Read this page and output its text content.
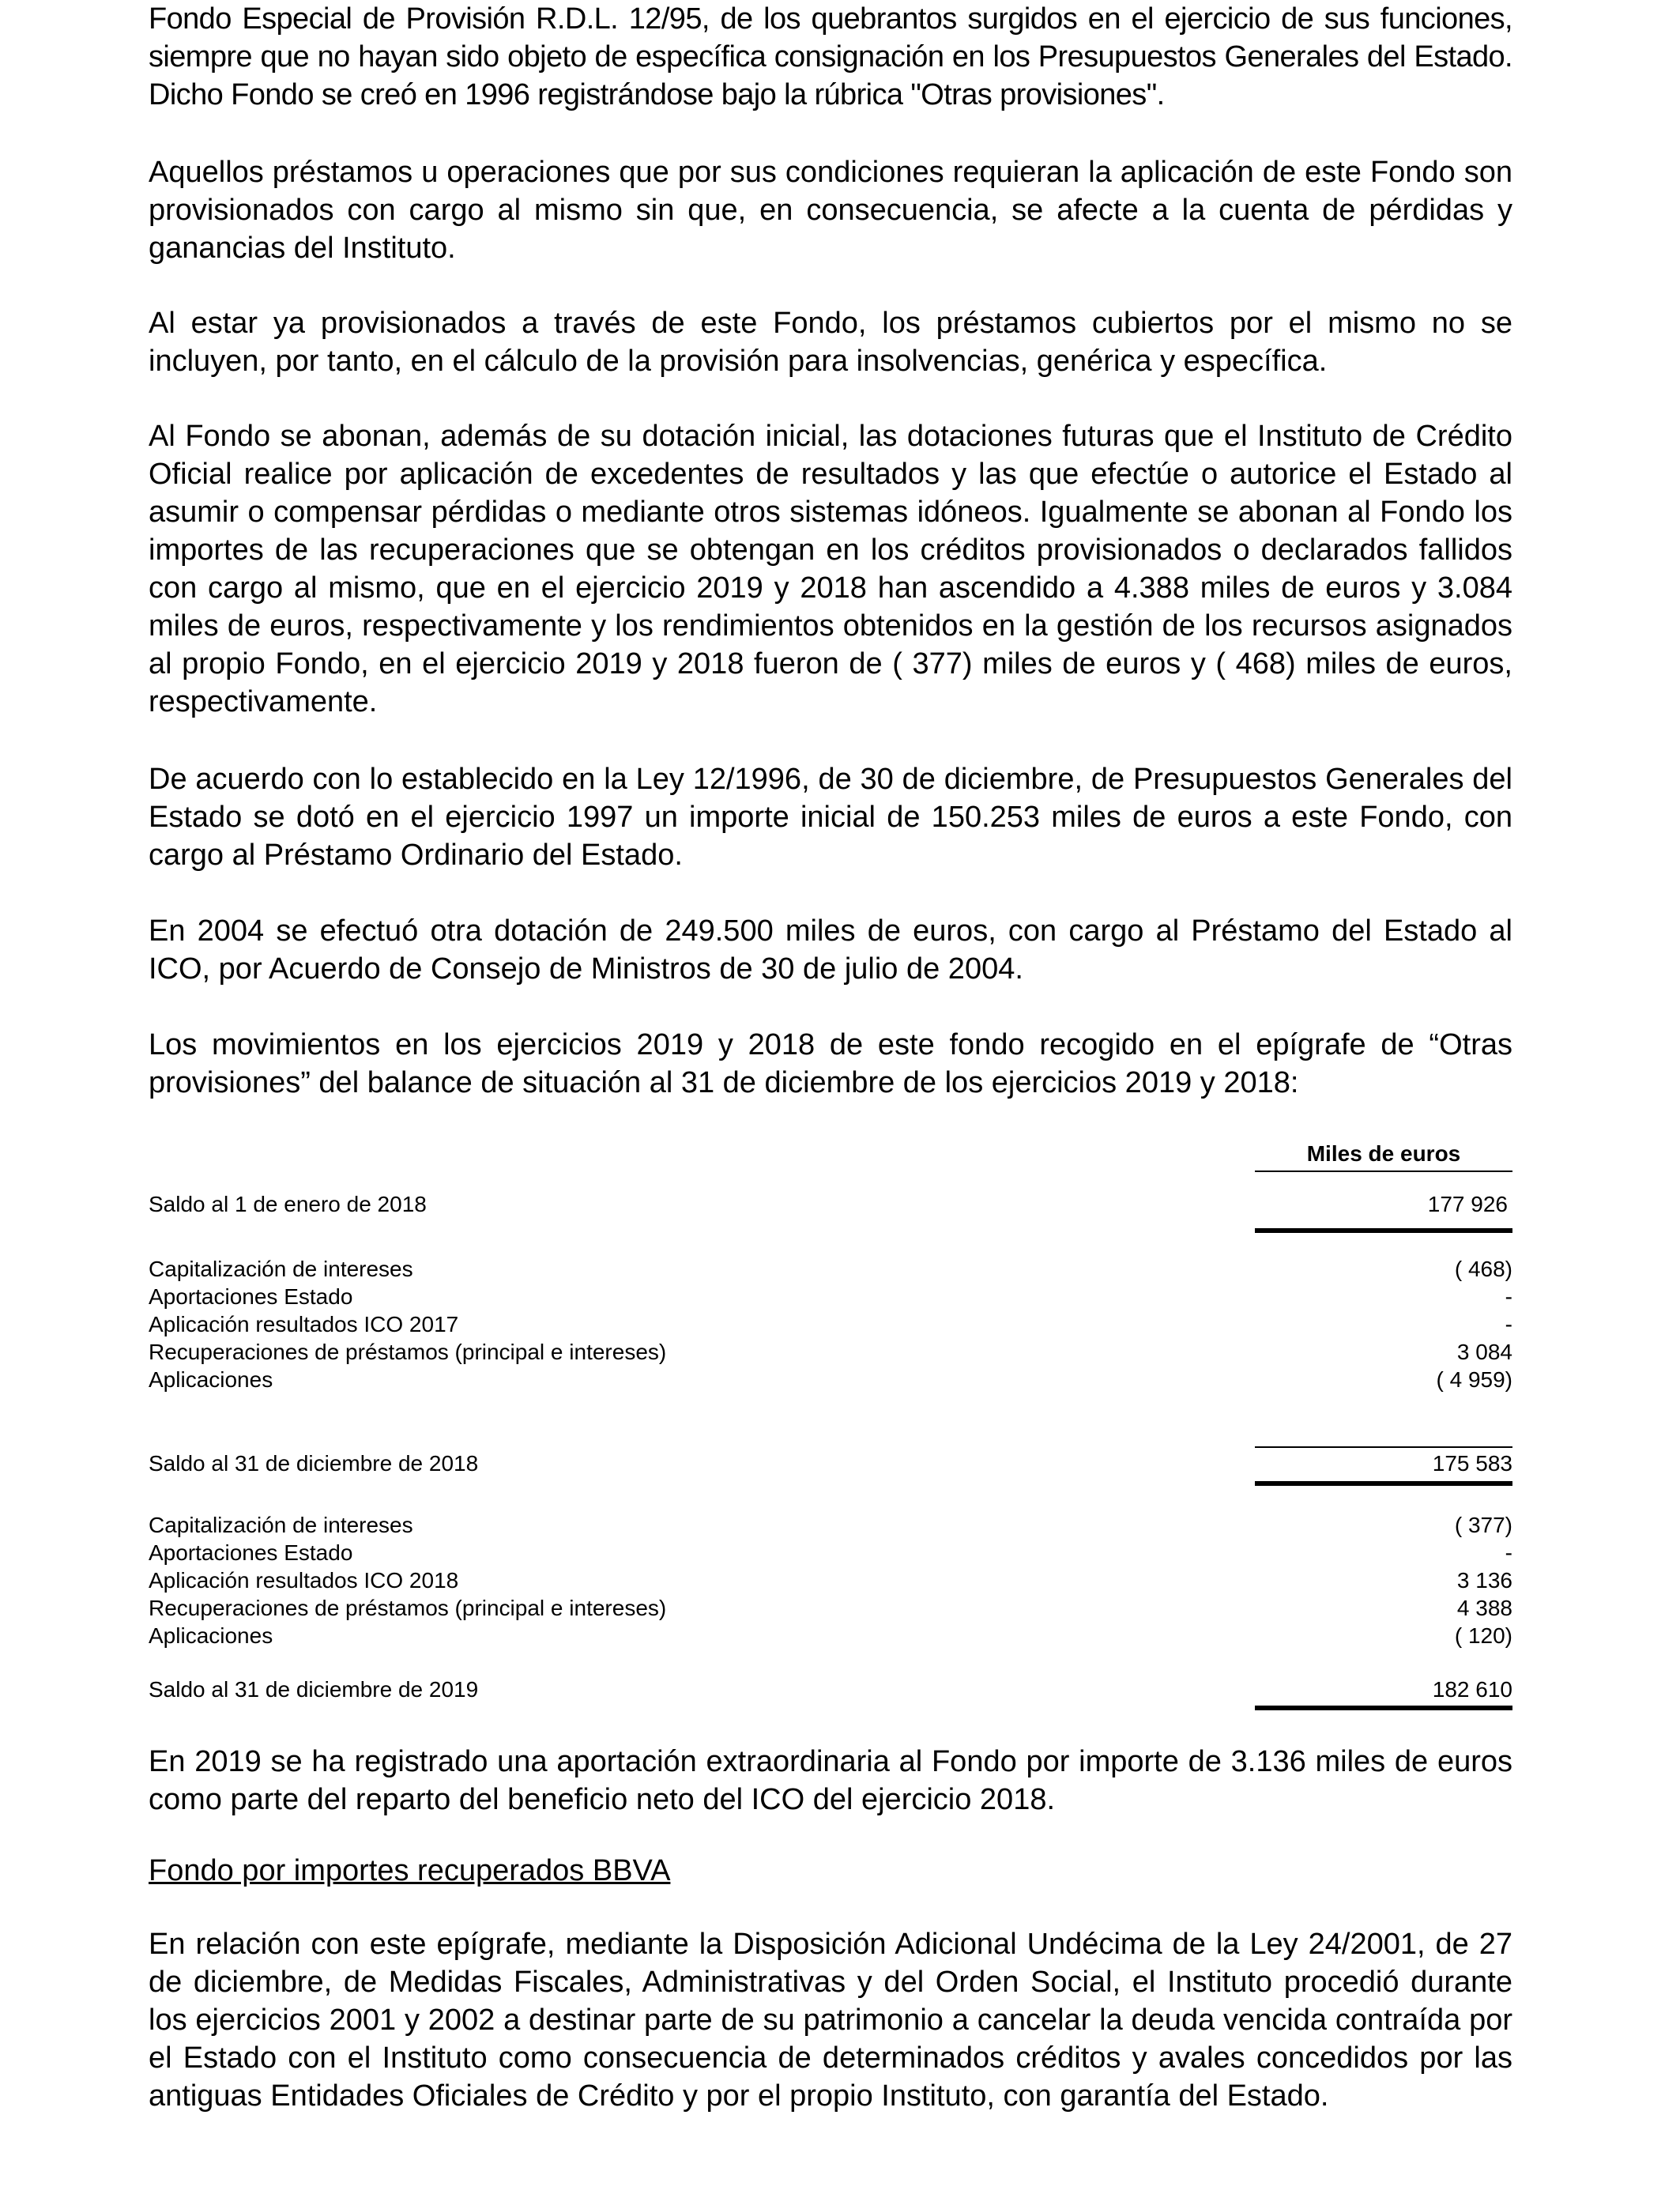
Fondo Especial de Provisión R.D.L. 12/95, de los quebrantos surgidos en el ejercicio de sus funciones, siempre que no hayan sido objeto de específica consignación en los Presupuestos Generales del Estado. Dicho Fondo se creó en 1996 registrándose bajo la rúbrica "Otras provisiones".

Aquellos préstamos u operaciones que por sus condiciones requieran la aplicación de este Fondo son provisionados con cargo al mismo sin que, en consecuencia, se afecte a la cuenta de pérdidas y ganancias del Instituto.

Al estar ya provisionados a través de este Fondo, los préstamos cubiertos por el mismo no se incluyen, por tanto, en el cálculo de la provisión para insolvencias, genérica y específica.

Al Fondo se abonan, además de su dotación inicial, las dotaciones futuras que el Instituto de Crédito Oficial realice por aplicación de excedentes de resultados y las que efectúe o autorice el Estado al asumir o compensar pérdidas o mediante otros sistemas idóneos. Igualmente se abonan al Fondo los importes de las recuperaciones que se obtengan en los créditos provisionados o declarados fallidos con cargo al mismo, que en el ejercicio 2019 y 2018 han ascendido a 4.388 miles de euros y 3.084 miles de euros, respectivamente y los rendimientos obtenidos en la gestión de los recursos asignados al propio Fondo, en el ejercicio 2019 y 2018 fueron de ( 377) miles de euros y ( 468) miles de euros, respectivamente.

De acuerdo con lo establecido en la Ley 12/1996, de 30 de diciembre, de Presupuestos Generales del Estado se dotó en el ejercicio 1997 un importe inicial de 150.253 miles de euros a este Fondo, con cargo al Préstamo Ordinario del Estado.

En 2004 se efectuó otra dotación de 249.500 miles de euros, con cargo al Préstamo del Estado al ICO, por Acuerdo de Consejo de Ministros de 30 de julio de 2004.

Los movimientos en los ejercicios 2019 y 2018 de este fondo recogido en el epígrafe de “Otras provisiones” del balance de situación al 31 de diciembre de los ejercicios 2019 y 2018:

Miles de euros
Saldo al 1 de enero de 2018	177 926
Capitalización de intereses	( 468)
Aportaciones Estado	-
Aplicación resultados ICO 2017	-
Recuperaciones de préstamos (principal e intereses)	3 084
Aplicaciones	( 4 959)
Saldo al 31 de diciembre de 2018	175 583
Capitalización de intereses	( 377)
Aportaciones Estado	-
Aplicación resultados ICO 2018	3 136
Recuperaciones de préstamos (principal e intereses)	4 388
Aplicaciones	( 120)
Saldo al 31 de diciembre de 2019	182 610

En 2019 se ha registrado una aportación extraordinaria al Fondo por importe de 3.136 miles de euros como parte del reparto del beneficio neto del ICO del ejercicio 2018.

Fondo por importes recuperados BBVA

En relación con este epígrafe, mediante la Disposición Adicional Undécima de la Ley 24/2001, de 27 de diciembre, de Medidas Fiscales, Administrativas y del Orden Social, el Instituto procedió durante los ejercicios 2001 y 2002 a destinar parte de su patrimonio a cancelar la deuda vencida contraída por el Estado con el Instituto como consecuencia de determinados créditos y avales concedidos por las antiguas Entidades Oficiales de Crédito y por el propio Instituto, con garantía del Estado.
